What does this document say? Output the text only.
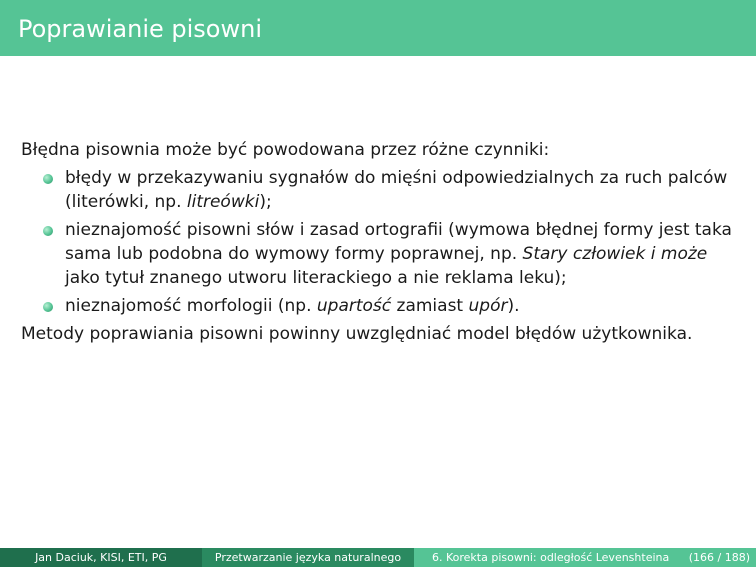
Poprawianie pisowni

Błędna pisownia może być powodowana przez różne czynniki:

błędy w przekazywaniu sygnałów do mięśni odpowiedzialnych za ruch palców (literówki, np. litreówki);
nieznajomość pisowni słów i zasad ortografii (wymowa błędnej formy jest taka sama lub podobna do wymowy formy poprawnej, np. Stary człowiek i może jako tytuł znanego utworu literackiego a nie reklama leku);
nieznajomość morfologii (np. upartość zamiast upór).

Metody poprawiania pisowni powinny uwzględniać model błędów użytkownika.

Jan Daciuk, KISI, ETI, PG	Przetwarzanie języka naturalnego	6. Korekta pisowni: odległość Levenshteina (166 / 188)
